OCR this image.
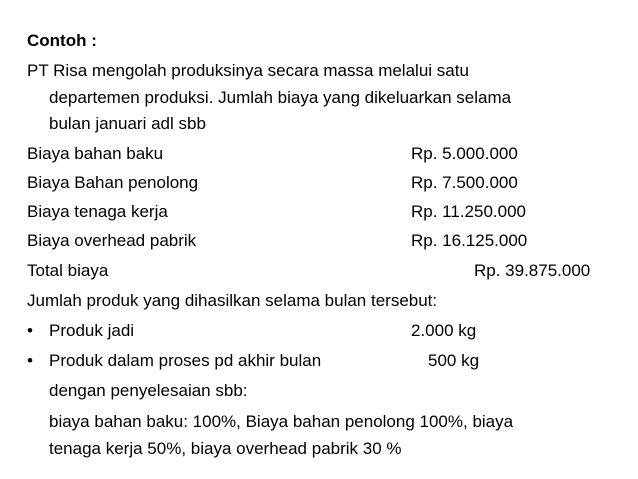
Contoh :
PT Risa mengolah produksinya secara massa melalui satu
departemen produksi. Jumlah biaya yang dikeluarkan selama
bulan januari adl sbb
Biaya bahan baku	Rp. 5.000.000
Biaya Bahan penolong	Rp. 7.500.000
Biaya tenaga kerja	Rp. 11.250.000
Biaya overhead pabrik	Rp. 16.125.000
Total biaya	Rp. 39.875.000
Jumlah produk yang dihasilkan selama bulan tersebut:
• Produk jadi	2.000 kg
• Produk dalam proses pd akhir bulan	500 kg
dengan penyelesaian sbb:
biaya bahan baku: 100%, Biaya bahan penolong 100%, biaya
tenaga kerja 50%, biaya overhead pabrik 30 %
